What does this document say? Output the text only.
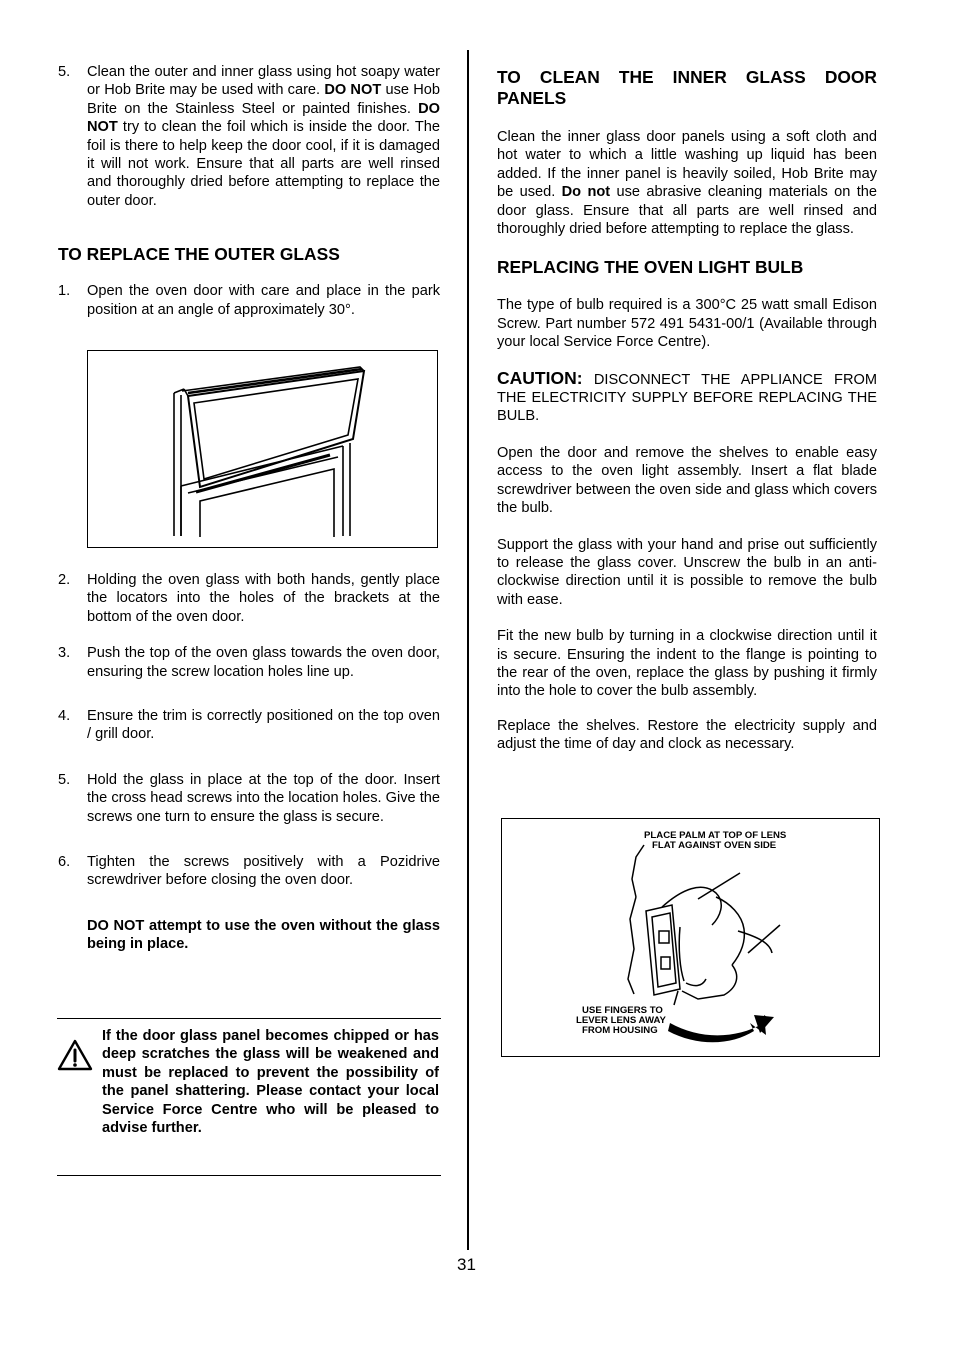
5.	Clean the outer and inner glass using hot soapy water or Hob Brite may be used with care. DO NOT use Hob Brite on the Stainless Steel or painted finishes. DO NOT try to clean the foil which is inside the door. The foil is there to help keep the door cool, if it is damaged it will not work. Ensure that all parts are well rinsed and thoroughly dried before attempting to replace the outer door.
TO REPLACE THE OUTER GLASS
1.	Open the oven door with care and place in the park position at an angle of approximately 30°.
2.	Holding the oven glass with both hands, gently place the locators into the holes of the brackets at the bottom of the oven door.
3.	Push the top of the oven glass towards the oven door, ensuring the screw location holes line up.
4.	Ensure the trim is correctly positioned on the top oven / grill door.
5.	Hold the glass in place at the top of the door. Insert the cross head screws into the location holes. Give the screws one turn to ensure the glass is secure.
6.	Tighten the screws positively with a Pozidrive screwdriver before closing the oven door.
DO NOT attempt to use the oven without the glass being in place.
If the door glass panel becomes chipped or has deep scratches the glass will be weakened and must be replaced to prevent the possibility of the panel shattering. Please contact your local Service Force Centre who will be pleased to advise further.
TO CLEAN THE INNER GLASS DOOR PANELS

Clean the inner glass door panels using a soft cloth and hot water to which a little washing up liquid has been added. If the inner panel is heavily soiled, Hob Brite may be used. Do not use abrasive cleaning materials on the door glass. Ensure that all parts are well rinsed and thoroughly dried before attempting to replace the glass.

REPLACING THE OVEN LIGHT BULB

The type of bulb required is a 300°C 25 watt small Edison Screw. Part number 572 491 5431-00/1 (Available through your local Service Force Centre).

CAUTION: DISCONNECT THE APPLIANCE FROM THE ELECTRICITY SUPPLY BEFORE REPLACING THE BULB.

Open the door and remove the shelves to enable easy access to the oven light assembly. Insert a flat blade screwdriver between the oven side and glass which covers the bulb.

Support the glass with your hand and prise out sufficiently to release the glass cover. Unscrew the bulb in an anti-clockwise direction until it is possible to remove the bulb with ease.

Fit the new bulb by turning in a clockwise direction until it is secure. Ensuring the indent to the flange is pointing to the rear of the oven, replace the glass by pushing it firmly into the hole to cover the bulb assembly.

Replace the shelves. Restore the electricity supply and adjust the time of day and clock as necessary.

PLACE PALM AT TOP OF LENS
FLAT AGAINST OVEN SIDE
USE FINGERS TO
LEVER LENS AWAY
FROM HOUSING
31
